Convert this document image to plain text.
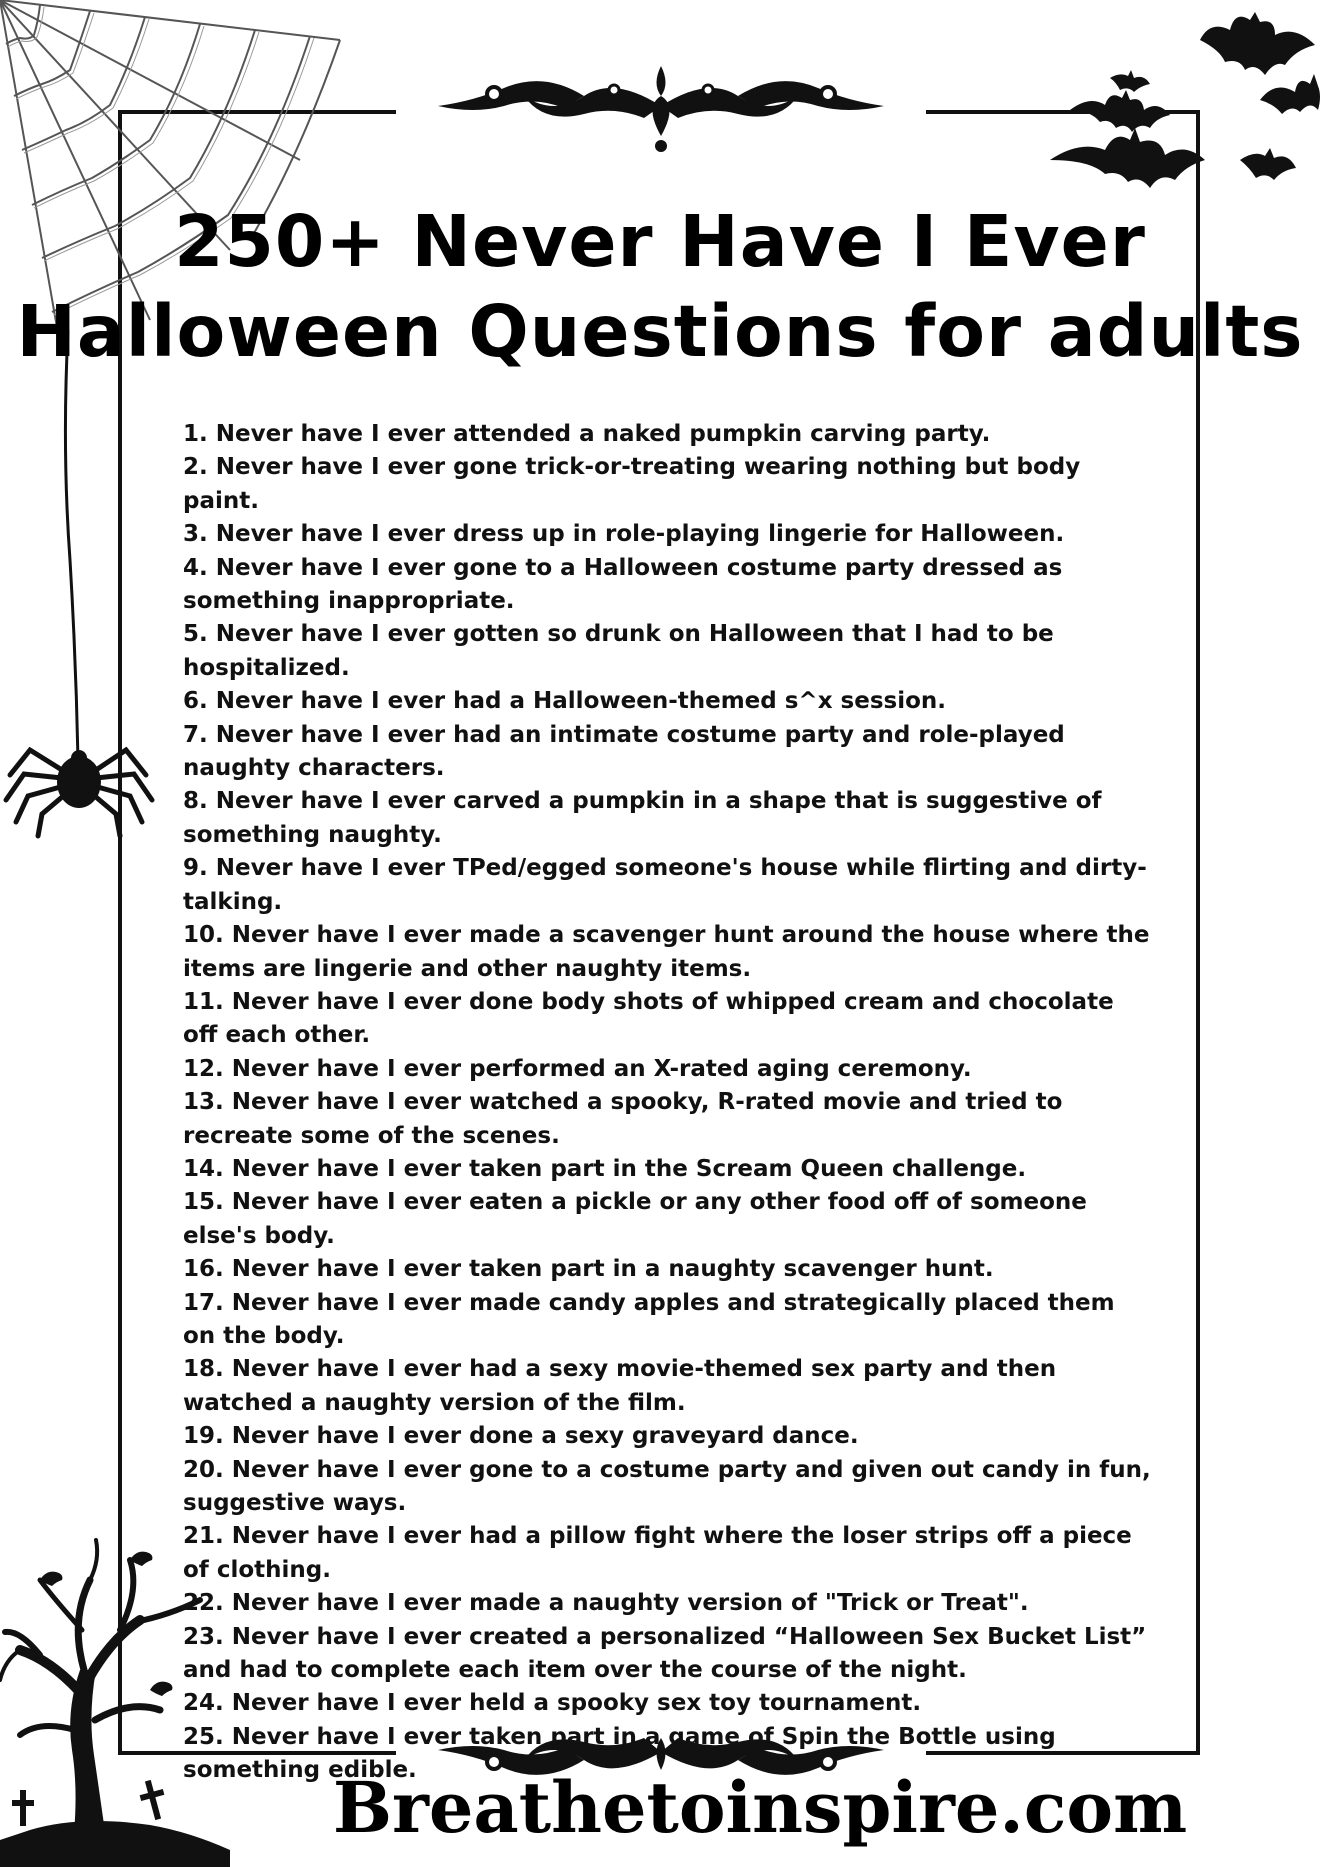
250+ Never Have I Ever
Halloween Questions for adults
1. Never have I ever attended a naked pumpkin carving party.
2. Never have I ever gone trick-or-treating wearing nothing but body paint.
3. Never have I ever dress up in role-playing lingerie for Halloween.
4. Never have I ever gone to a Halloween costume party dressed as something inappropriate.
5. Never have I ever gotten so drunk on Halloween that I had to be hospitalized.
6. Never have I ever had a Halloween-themed s^x session.
7. Never have I ever had an intimate costume party and role-played naughty characters.
8. Never have I ever carved a pumpkin in a shape that is suggestive of something naughty.
9. Never have I ever TPed/egged someone's house while flirting and dirty-talking.
10. Never have I ever made a scavenger hunt around the house where the items are lingerie and other naughty items.
11. Never have I ever done body shots of whipped cream and chocolate off each other.
12. Never have I ever performed an X-rated aging ceremony.
13. Never have I ever watched a spooky, R-rated movie and tried to recreate some of the scenes.
14. Never have I ever taken part in the Scream Queen challenge.
15. Never have I ever eaten a pickle or any other food off of someone else's body.
16. Never have I ever taken part in a naughty scavenger hunt.
17. Never have I ever made candy apples and strategically placed them on the body.
18. Never have I ever had a sexy movie-themed sex party and then watched a naughty version of the film.
19. Never have I ever done a sexy graveyard dance.
20. Never have I ever gone to a costume party and given out candy in fun, suggestive ways.
21. Never have I ever had a pillow fight where the loser strips off a piece of clothing.
22. Never have I ever made a naughty version of "Trick or Treat".
23. Never have I ever created a personalized “Halloween Sex Bucket List” and had to complete each item over the course of the night.
24. Never have I ever held a spooky sex toy tournament.
25. Never have I ever taken part in a game of Spin the Bottle using something edible.
Breathetoinspire.com
